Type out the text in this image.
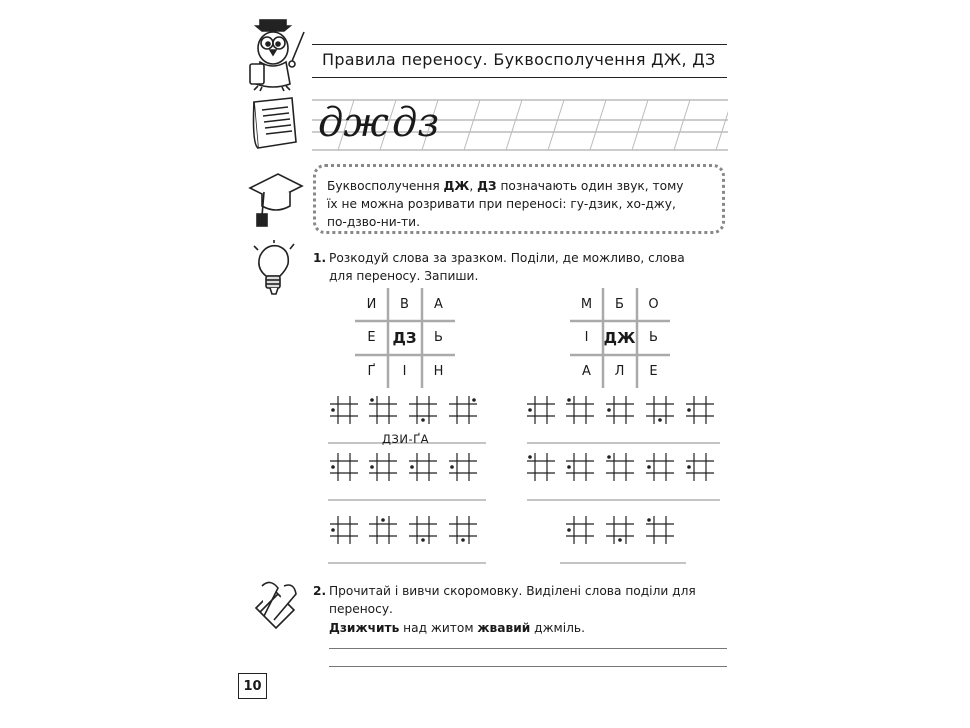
Правила переносу. Буквосполучення ДЖ, ДЗ
дж дз
Буквосполучення ДЖ, ДЗ позначають один звук, тому
їх не можна розривати при переносі: гу-дзик, хо-джу,
по-дзво-ни-ти.
1. Розкодуй слова за зразком. Поділи, де можливо, слова
для переносу. Запиши.
И	В	А
Е	ДЗ	Ь
Ґ	І	Н
М	Б	О
І	ДЖ	Ь
А	Л	Е
ДЗИ-ҐА
2. Прочитай і вивчи скоромовку. Виділені слова поділи для
переносу.
Дзижчить над житом жвавий джміль.
10
